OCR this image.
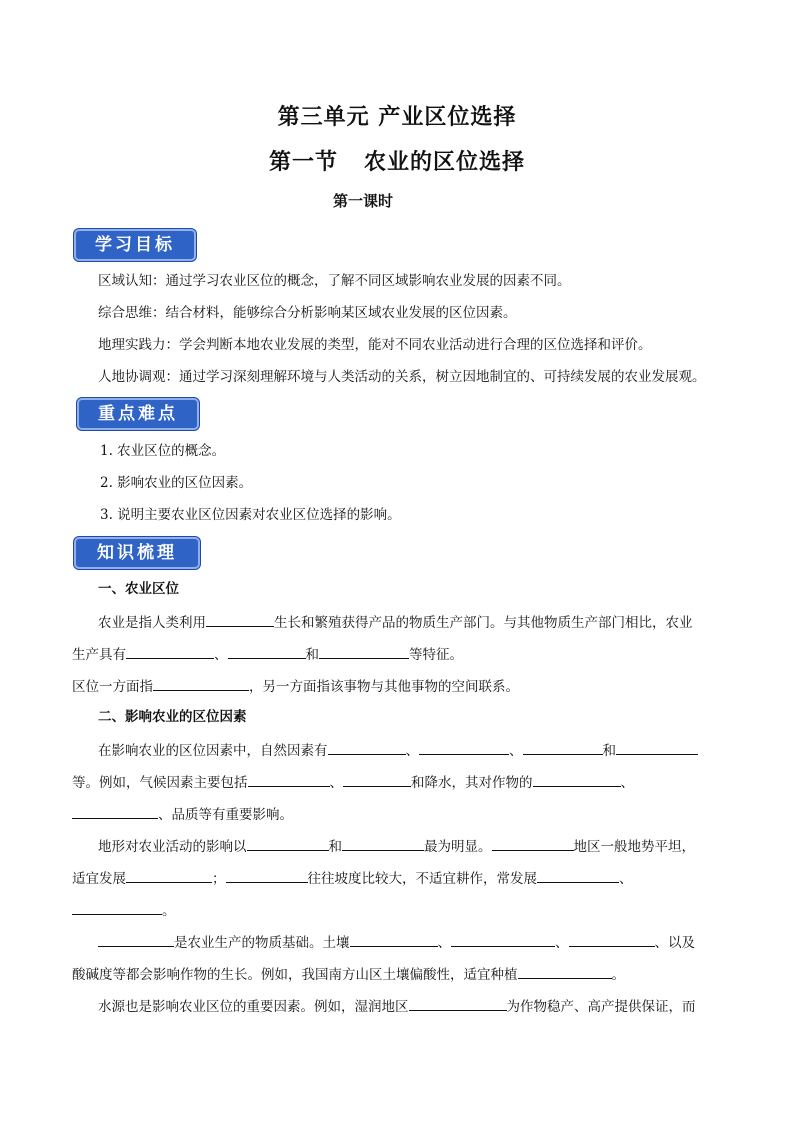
第三单元 产业区位选择
第一节 农业的区位选择
第一课时
学习目标
区域认知：通过学习农业区位的概念，了解不同区域影响农业发展的因素不同。
综合思维：结合材料，能够综合分析影响某区域农业发展的区位因素。
地理实践力：学会判断本地农业发展的类型，能对不同农业活动进行合理的区位选择和评价。
人地协调观：通过学习深刻理解环境与人类活动的关系，树立因地制宜的、可持续发展的农业发展观。
重点难点
1. 农业区位的概念。
2. 影响农业的区位因素。
3. 说明主要农业区位因素对农业区位选择的影响。
知识梳理
一、农业区位
农业是指人类利用	生长和繁殖获得产品的物质生产部门。与其他物质生产部门相比，农业
生产具有	、	和	等特征。
区位一方面指	，另一方面指该事物与其他事物的空间联系。
二、影响农业的区位因素
在影响农业的区位因素中，自然因素有	、	、	和
等。例如，气候因素主要包括	、	和降水，其对作物的	、
、品质等有重要影响。
地形对农业活动的影响以	和	最为明显。	地区一般地势平坦，
适宜发展	；	往往坡度比较大，不适宜耕作，常发展	、
。
是农业生产的物质基础。土壤	、	、	、以及
酸碱度等都会影响作物的生长。例如，我国南方山区土壤偏酸性，适宜种植	。
水源也是影响农业区位的重要因素。例如，湿润地区	为作物稳产、高产提供保证，而
